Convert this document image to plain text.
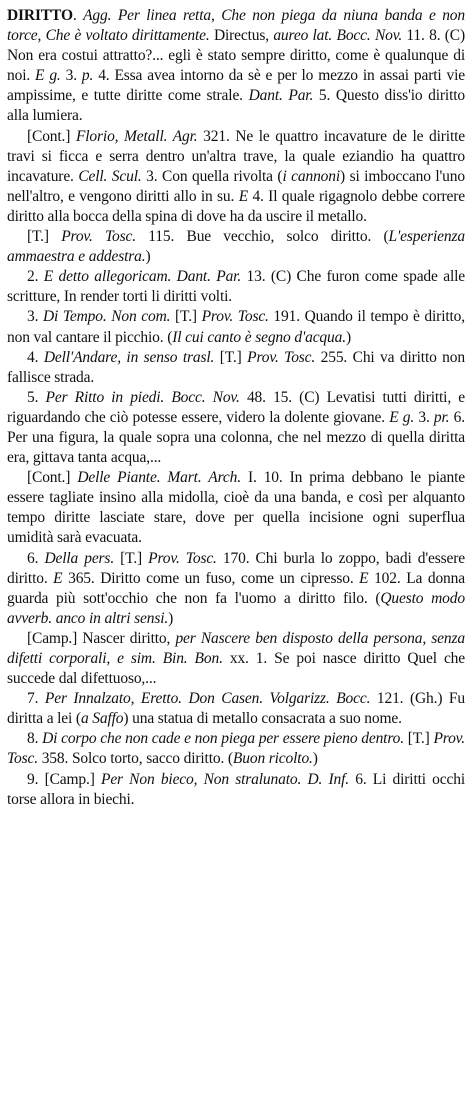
DIRITTO. Agg. Per linea retta, Che non piega da niuna banda e non torce, Che è voltato dirittamente. Directus, aureo lat. Bocc. Nov. 11. 8. (C) Non era costui attratto?... egli è stato sempre diritto, come è qualunque di noi. E g. 3. p. 4. Essa avea intorno da sè e per lo mezzo in assai parti vie ampissime, e tutte diritte come strale. Dant. Par. 5. Questo diss'io diritto alla lumiera.

[Cont.] Florio, Metall. Agr. 321. Ne le quattro incavature de le diritte travi si ficca e serra dentro un'altra trave, la quale eziandio ha quattro incavature. Cell. Scul. 3. Con quella rivolta (i cannoni) si imboccano l'uno nell'altro, e vengono diritti allo in su. E 4. Il quale rigagnolo debbe correre diritto alla bocca della spina di dove ha da uscire il metallo.

[T.] Prov. Tosc. 115. Bue vecchio, solco diritto. (L'esperienza ammaestra e addestra.)

2. E detto allegoricam. Dant. Par. 13. (C) Che furon come spade alle scritture, In render torti li diritti volti.

3. Di Tempo. Non com. [T.] Prov. Tosc. 191. Quando il tempo è diritto, non val cantare il picchio. (Il cui canto è segno d'acqua.)

4. Dell'Andare, in senso trasl. [T.] Prov. Tosc. 255. Chi va diritto non fallisce strada.

5. Per Ritto in piedi. Bocc. Nov. 48. 15. (C) Levatisi tutti diritti, e riguardando che ciò potesse essere, videro la dolente giovane. E g. 3. pr. 6. Per una figura, la quale sopra una colonna, che nel mezzo di quella diritta era, gittava tanta acqua,...

[Cont.] Delle Piante. Mart. Arch. I. 10. In prima debbano le piante essere tagliate insino alla midolla, cioè da una banda, e così per alquanto tempo diritte lasciate stare, dove per quella incisione ogni superflua umidità sarà evacuata.

6. Della pers. [T.] Prov. Tosc. 170. Chi burla lo zoppo, badi d'essere diritto. E 365. Diritto come un fuso, come un cipresso. E 102. La donna guarda più sott'occhio che non fa l'uomo a diritto filo. (Questo modo avverb. anco in altri sensi.)

[Camp.] Nascer diritto, per Nascere ben disposto della persona, senza difetti corporali, e sim. Bin. Bon. xx. 1. Se poi nasce diritto Quel che succede dal difettuoso,...

7. Per Innalzato, Eretto. Don Casen. Volgarizz. Bocc. 121. (Gh.) Fu diritta a lei (a Saffo) una statua di metallo consacrata a suo nome.

8. Di corpo che non cade e non piega per essere pieno dentro. [T.] Prov. Tosc. 358. Solco torto, sacco diritto. (Buon ricolto.)

9. [Camp.] Per Non bieco, Non stralunato. D. Inf. 6. Li diritti occhi torse allora in biechi.
